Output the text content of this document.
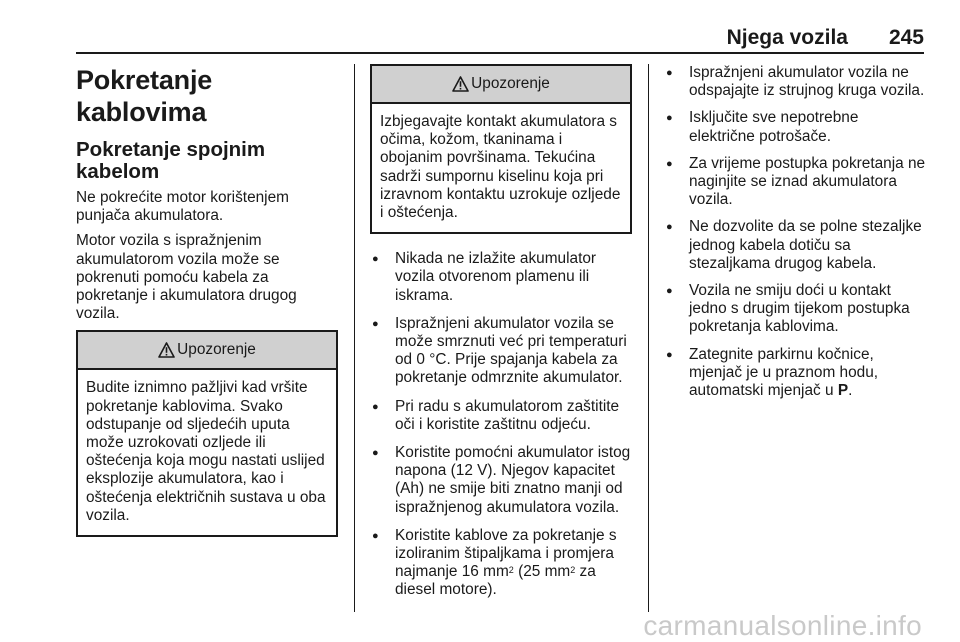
Njega vozila 245
Pokretanje kablovima
Pokretanje spojnim kabelom

Ne pokrećite motor korištenjem punjača akumulatora.

Motor vozila s ispražnjenim akumulatorom vozila može se pokrenuti pomoću kabela za pokretanje i akumulatora drugog vozila.

Upozorenje
Budite iznimno pažljivi kad vršite pokretanje kablovima. Svako odstupanje od sljedećih uputa može uzrokovati ozljede ili oštećenja koja mogu nastati uslijed eksplozije akumulatora, kao i oštećenja električnih sustava u oba vozila.
Upozorenje
Izbjegavajte kontakt akumulatora s očima, kožom, tkaninama i obojanim površinama. Tekućina sadrži sumpornu kiselinu koja pri izravnom kontaktu uzrokuje ozljede i oštećenja.
● Nikada ne izlažite akumulator vozila otvorenom plamenu ili iskrama.
● Ispražnjeni akumulator vozila se može smrznuti već pri temperaturi od 0 °C. Prije spajanja kabela za pokretanje odmrznite akumulator.
● Pri radu s akumulatorom zaštitite oči i koristite zaštitnu odjeću.
● Koristite pomoćni akumulator istog napona (12 V). Njegov kapacitet (Ah) ne smije biti znatno manji od ispražnjenog akumulatora vozila.
● Koristite kablove za pokretanje s izoliranim štipaljkama i promjera najmanje 16 $mm^2$ (25 $mm^2$ za diesel motore).
● Ispražnjeni akumulator vozila ne odspajajte iz strujnog kruga vozila.
● Isključite sve nepotrebne električne potrošače.
● Za vrijeme postupka pokretanja ne naginjite se iznad akumulatora vozila.
● Ne dozvolite da se polne stezaljke jednog kabela dotiču sa stezaljkama drugog kabela.
● Vozila ne smiju doći u kontakt jedno s drugim tijekom postupka pokretanja kablovima.
● Zategnite parkirnu kočnice, mjenjač je u praznom hodu, automatski mjenjač u P.
carmanualsonline.info
